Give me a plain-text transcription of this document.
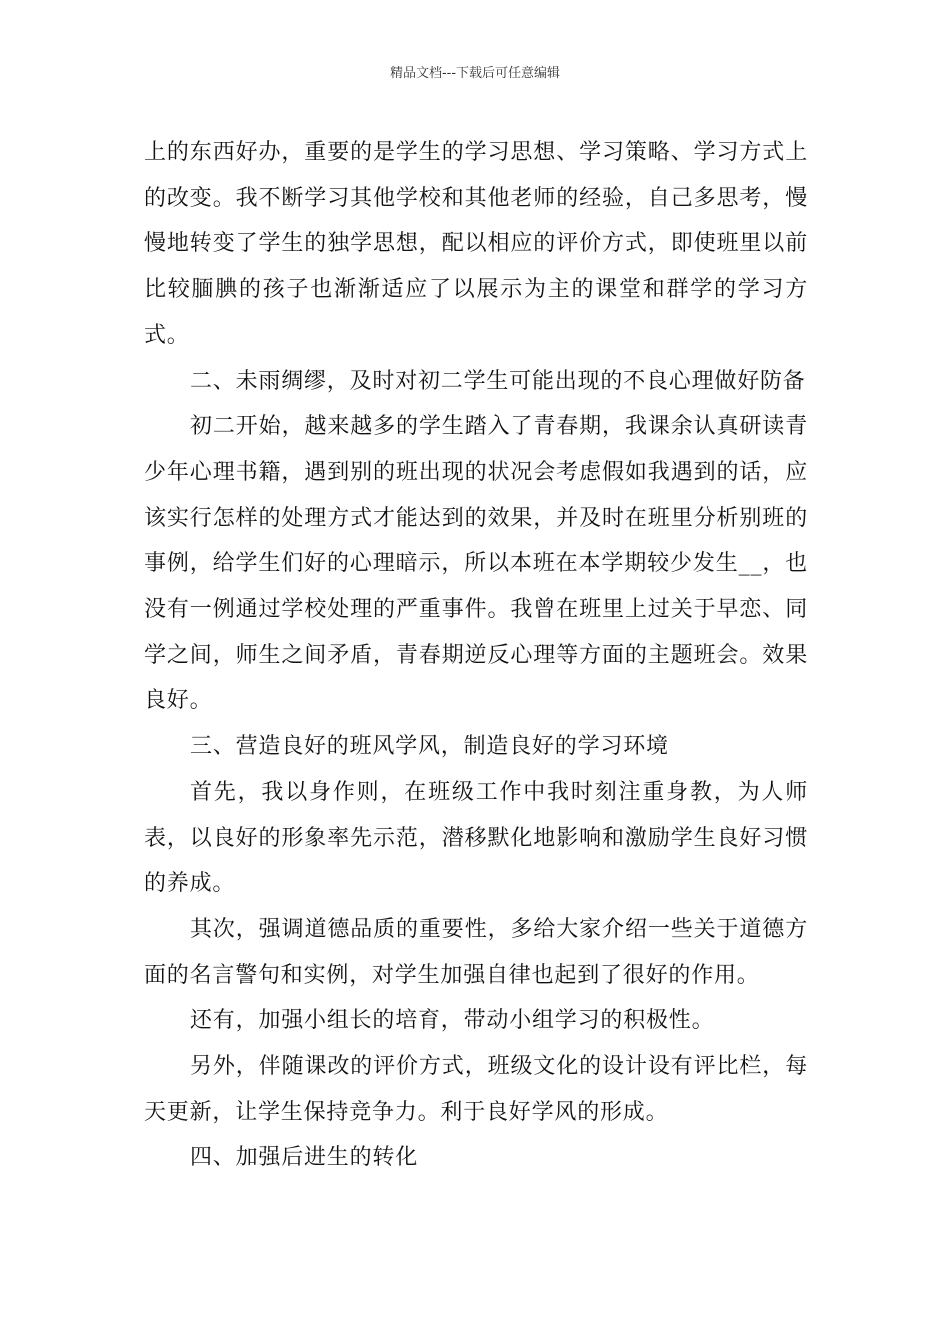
精品文档---下载后可任意编辑

上的东西好办，重要的是学生的学习思想、学习策略、学习方式上的改变。我不断学习其他学校和其他老师的经验，自己多思考，慢慢地转变了学生的独学思想，配以相应的评价方式，即使班里以前比较腼腆的孩子也渐渐适应了以展示为主的课堂和群学的学习方式。

二、未雨绸缪，及时对初二学生可能出现的不良心理做好防备

初二开始，越来越多的学生踏入了青春期，我课余认真研读青少年心理书籍，遇到别的班出现的状况会考虑假如我遇到的话，应该实行怎样的处理方式才能达到的效果，并及时在班里分析别班的事例，给学生们好的心理暗示，所以本班在本学期较少发生__，也没有一例通过学校处理的严重事件。我曾在班里上过关于早恋、同学之间，师生之间矛盾，青春期逆反心理等方面的主题班会。效果良好。

三、营造良好的班风学风，制造良好的学习环境

首先，我以身作则，在班级工作中我时刻注重身教，为人师表，以良好的形象率先示范，潜移默化地影响和激励学生良好习惯的养成。

其次，强调道德品质的重要性，多给大家介绍一些关于道德方面的名言警句和实例，对学生加强自律也起到了很好的作用。

还有，加强小组长的培育，带动小组学习的积极性。

另外，伴随课改的评价方式，班级文化的设计设有评比栏，每天更新，让学生保持竞争力。利于良好学风的形成。

四、加强后进生的转化
